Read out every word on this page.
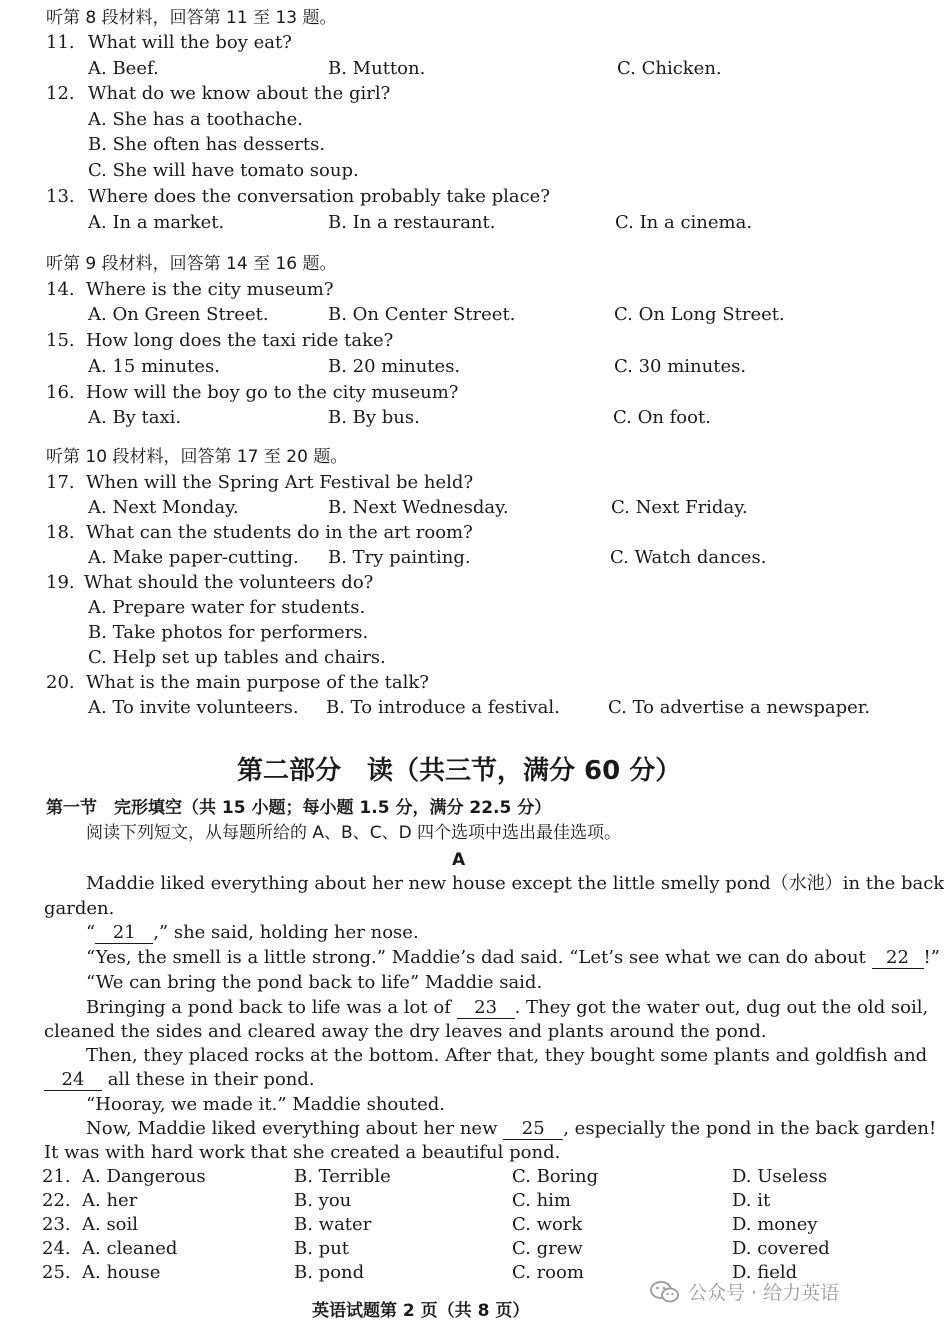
听第 8 段材料，回答第 11 至 13 题。
11. What will the boy eat?
A. Beef.	B. Mutton.	C. Chicken.
12. What do we know about the girl?
A. She has a toothache.
B. She often has desserts.
C. She will have tomato soup.
13. Where does the conversation probably take place?
A. In a market.	B. In a restaurant.	C. In a cinema.
听第 9 段材料，回答第 14 至 16 题。
14. Where is the city museum?
A. On Green Street.	B. On Center Street.	C. On Long Street.
15. How long does the taxi ride take?
A. 15 minutes.	B. 20 minutes.	C. 30 minutes.
16. How will the boy go to the city museum?
A. By taxi.	B. By bus.	C. On foot.
听第 10 段材料，回答第 17 至 20 题。
17. When will the Spring Art Festival be held?
A. Next Monday.	B. Next Wednesday.	C. Next Friday.
18. What can the students do in the art room?
A. Make paper-cutting. B. Try painting.	C. Watch dances.
19. What should the volunteers do?
A. Prepare water for students.
B. Take photos for performers.
C. Help set up tables and chairs.
20. What is the main purpose of the talk?
A. To invite volunteers. B. To introduce a festival.	C. To advertise a newspaper.
第二部分　读（共三节，满分 60 分）
第一节　完形填空（共 15 小题；每小题 1.5 分，满分 22.5 分）
阅读下列短文，从每题所给的 A、B、C、D 四个选项中选出最佳选项。
A
Maddie liked everything about her new house except the little smelly pond（水池）in the back
garden.
“ 21 ,” she said, holding her nose.
“Yes, the smell is a little strong.” Maddie’s dad said. “Let’s see what we can do about 22 !”
“We can bring the pond back to life” Maddie said.
Bringing a pond back to life was a lot of 23 . They got the water out, dug out the old soil,
cleaned the sides and cleared away the dry leaves and plants around the pond.
Then, they placed rocks at the bottom. After that, they bought some plants and goldfish and
24 all these in their pond.
“Hooray, we made it.” Maddie shouted.
Now, Maddie liked everything about her new 25 , especially the pond in the back garden!
It was with hard work that she created a beautiful pond.
21. A. Dangerous	B. Terrible	C. Boring	D. Useless
22. A. her	B. you	C. him	D. it
23. A. soil	B. water	C. work	D. money
24. A. cleaned	B. put	C. grew	D. covered
25. A. house	B. pond	C. room	D. field
英语试题第 2 页（共 8 页）
公众号 · 给力英语
